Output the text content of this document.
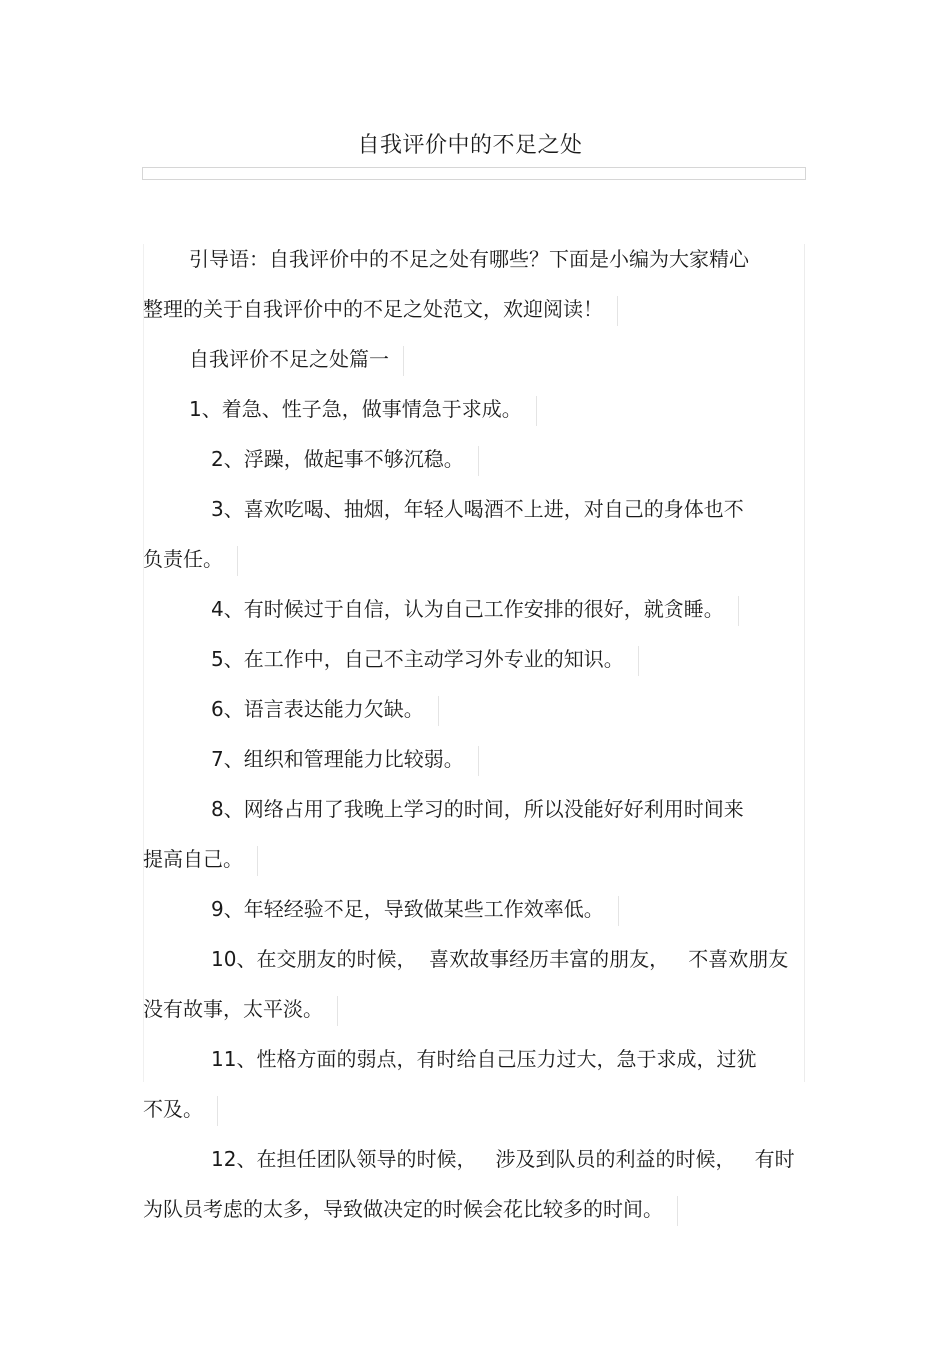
自我评价中的不足之处

引导语：自我评价中的不足之处有哪些？下面是小编为大家精心
整理的关于自我评价中的不足之处范文，欢迎阅读！

自我评价不足之处篇一

1、着急、性子急，做事情急于求成。

2、浮躁，做起事不够沉稳。

3、喜欢吃喝、抽烟，年轻人喝酒不上进，对自己的身体也不
负责任。

4、有时候过于自信，认为自己工作安排的很好，就贪睡。

5、在工作中，自己不主动学习外专业的知识。

6、语言表达能力欠缺。

7、组织和管理能力比较弱。

8、网络占用了我晚上学习的时间，所以没能好好利用时间来
提高自己。

9、年轻经验不足，导致做某些工作效率低。

10、在交朋友的时候，  喜欢故事经历丰富的朋友，   不喜欢朋友
没有故事，太平淡。

11、性格方面的弱点，有时给自己压力过大，急于求成，过犹
不及。

12、在担任团队领导的时候，   涉及到队员的利益的时候，   有时
为队员考虑的太多，导致做决定的时候会花比较多的时间。
